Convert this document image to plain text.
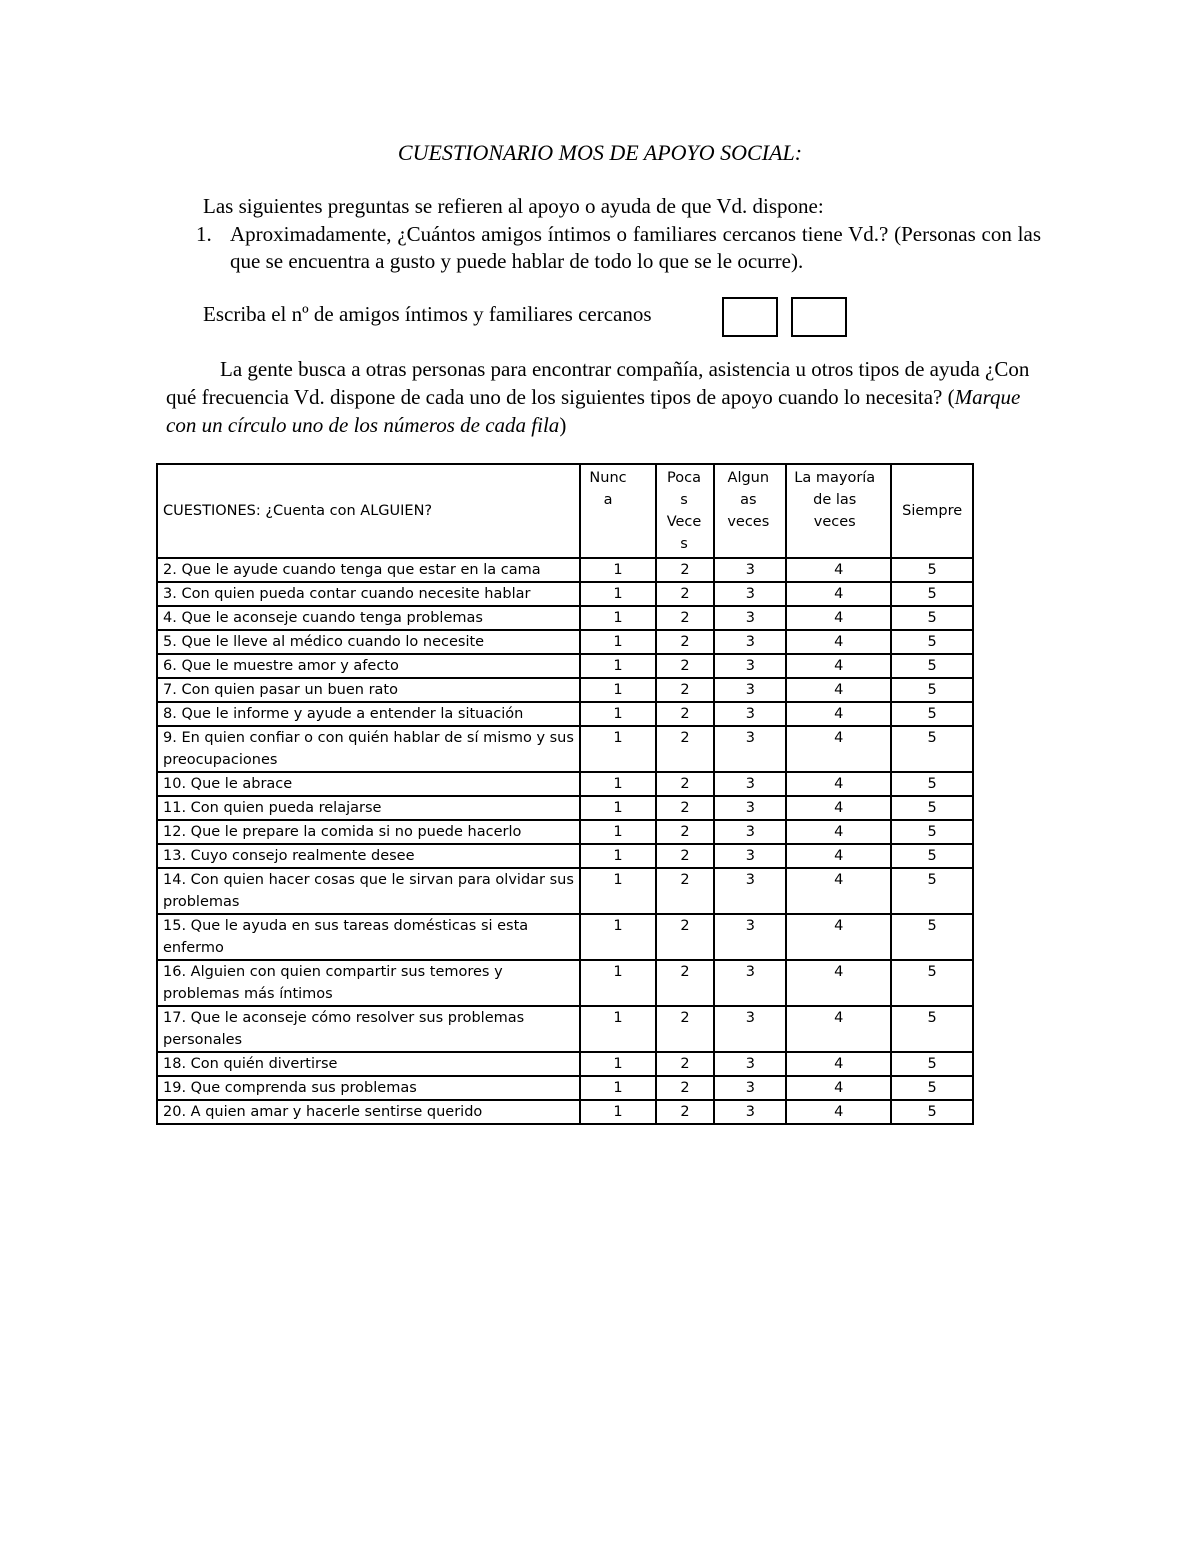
CUESTIONARIO MOS DE APOYO SOCIAL:
Las siguientes preguntas se refieren al apoyo o ayuda de que Vd. dispone:
1. Aproximadamente, ¿Cuántos amigos íntimos o familiares cercanos tiene Vd.? (Personas con las que se encuentra a gusto y puede hablar de todo lo que se le ocurre).
Escriba el nº de amigos íntimos y familiares cercanos
La gente busca a otras personas para encontrar compañía, asistencia u otros tipos de ayuda ¿Con qué frecuencia Vd. dispone de cada uno de los siguientes tipos de apoyo cuando lo necesita? (Marque con un círculo uno de los números de cada fila)
CUESTIONES: ¿Cuenta con ALGUIEN?	Nunc a	Poca s Vece s	Algun as veces	La mayoría de las veces	Siempre
2. Que le ayude cuando tenga que estar en la cama	1	2	3	4	5
3. Con quien pueda contar cuando necesite hablar	1	2	3	4	5
4. Que le aconseje cuando tenga problemas	1	2	3	4	5
5. Que le lleve al médico cuando lo necesite	1	2	3	4	5
6. Que le muestre amor y afecto	1	2	3	4	5
7. Con quien pasar un buen rato	1	2	3	4	5
8. Que le informe y ayude a entender la situación	1	2	3	4	5
9. En quien confiar o con quién hablar de sí mismo y sus preocupaciones	1	2	3	4	5
10. Que le abrace	1	2	3	4	5
11. Con quien pueda relajarse	1	2	3	4	5
12. Que le prepare la comida si no puede hacerlo	1	2	3	4	5
13. Cuyo consejo realmente desee	1	2	3	4	5
14. Con quien hacer cosas que le sirvan para olvidar sus problemas	1	2	3	4	5
15. Que le ayuda en sus tareas domésticas si esta enfermo	1	2	3	4	5
16. Alguien con quien compartir sus temores y problemas más íntimos	1	2	3	4	5
17. Que le aconseje cómo resolver sus problemas personales	1	2	3	4	5
18. Con quién divertirse	1	2	3	4	5
19. Que comprenda sus problemas	1	2	3	4	5
20. A quien amar y hacerle sentirse querido	1	2	3	4	5
